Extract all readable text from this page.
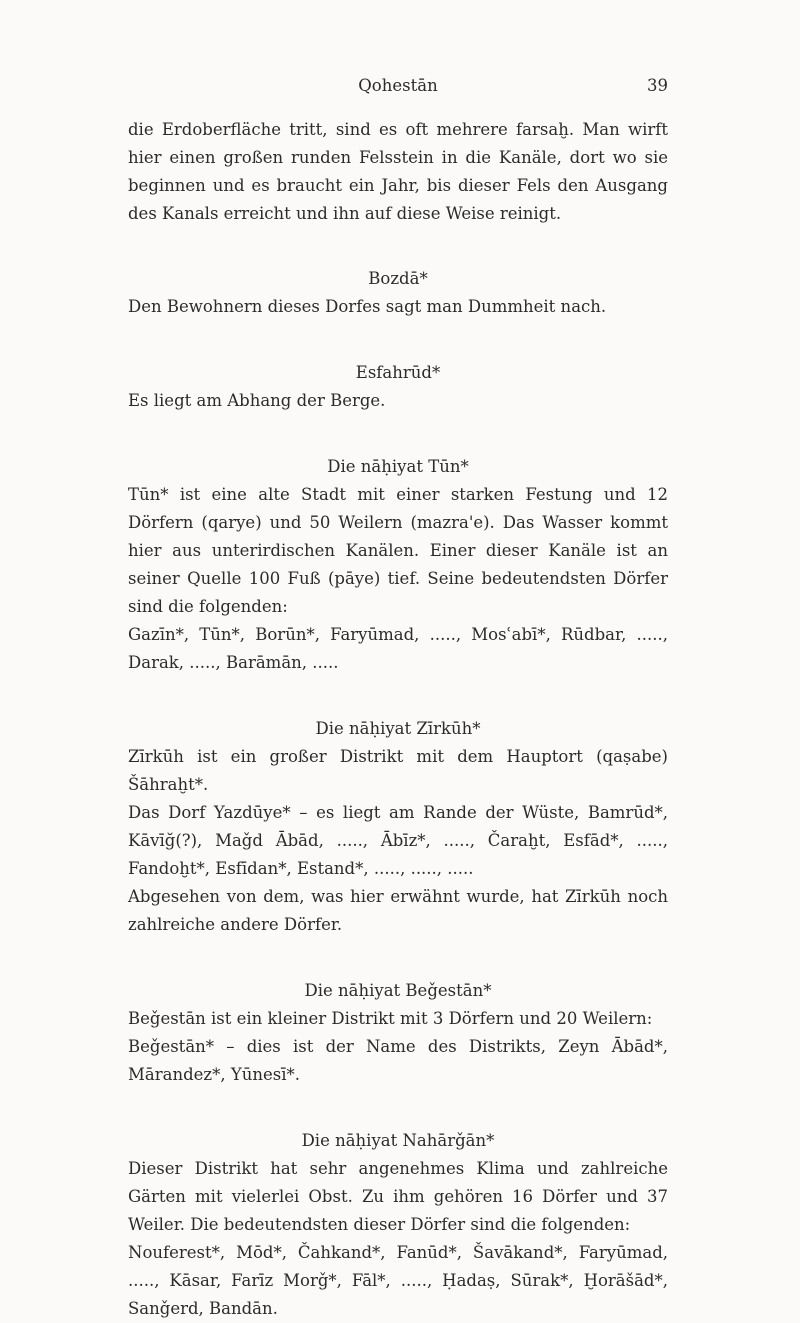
Qohestān	39

die Erdoberfläche tritt, sind es oft mehrere farsaḫ. Man wirft hier einen großen runden Felsstein in die Kanäle, dort wo sie beginnen und es braucht ein Jahr, bis dieser Fels den Ausgang des Kanals erreicht und ihn auf diese Weise reinigt.

Bozdā*

Den Bewohnern dieses Dorfes sagt man Dummheit nach.

Esfahrūd*

Es liegt am Abhang der Berge.

Die nāḥiyat Tūn*

Tūn* ist eine alte Stadt mit einer starken Festung und 12 Dörfern (qarye) und 50 Weilern (mazra'e). Das Wasser kommt hier aus unterirdischen Kanälen. Einer dieser Kanäle ist an seiner Quelle 100 Fuß (pāye) tief. Seine bedeutendsten Dörfer sind die folgenden:

Gazīn*, Tūn*, Borūn*, Faryūmad, ....., Mosʿabī*, Rūdbar, ....., Darak, ....., Barāmān, .....

Die nāḥiyat Zīrkūh*

Zīrkūh ist ein großer Distrikt mit dem Hauptort (qaṣabe) Šāhraḫt*.

Das Dorf Yazdūye* – es liegt am Rande der Wüste, Bamrūd*, Kāvīğ(?), Maǧd Ābād, ....., Ābīz*, ....., Čaraḫt, Esfād*, ....., Fandoḫt*, Esfīdan*, Estand*, ....., ....., .....

Abgesehen von dem, was hier erwähnt wurde, hat Zīrkūh noch zahlreiche andere Dörfer.

Die nāḥiyat Beǧestān*

Beǧestān ist ein kleiner Distrikt mit 3 Dörfern und 20 Weilern:

Beǧestān* – dies ist der Name des Distrikts, Zeyn Ābād*, Mārandez*, Yūnesī*.

Die nāḥiyat Nahārǧān*

Dieser Distrikt hat sehr angenehmes Klima und zahlreiche Gärten mit vielerlei Obst. Zu ihm gehören 16 Dörfer und 37 Weiler. Die bedeutendsten dieser Dörfer sind die folgenden:

Nouferest*, Mōd*, Čahkand*, Fanūd*, Šavākand*, Faryūmad, ....., Kāsar, Farīz Morǧ*, Fāl*, ....., Ḥadaṣ, Sūrak*, Ḫorāšād*, Sanǧerd, Bandān.
